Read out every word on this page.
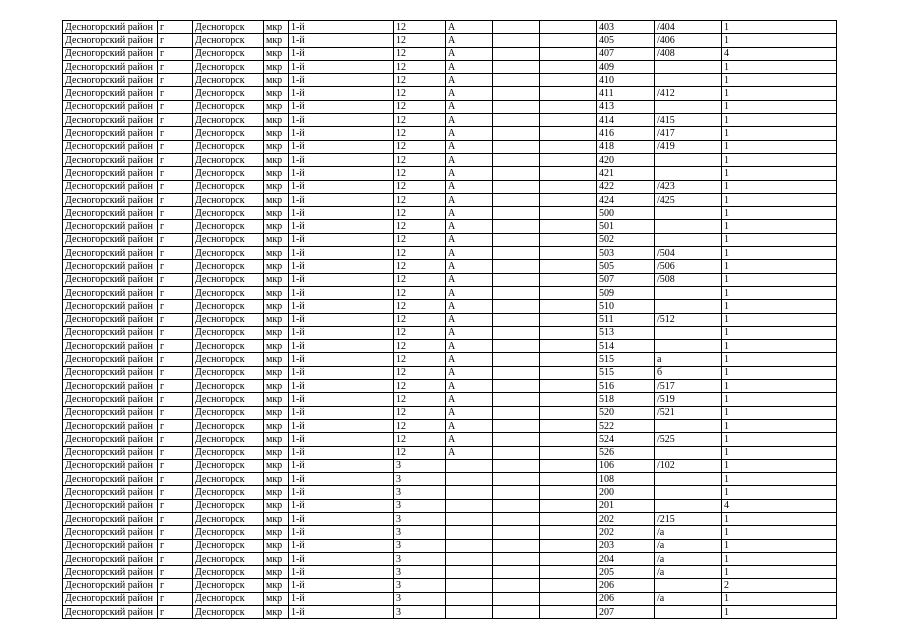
Десногорский район	г	Десногорск	мкр	1-й	12	А			403	/404	1
Десногорский район	г	Десногорск	мкр	1-й	12	А			405	/406	1
Десногорский район	г	Десногорск	мкр	1-й	12	А			407	/408	4
Десногорский район	г	Десногорск	мкр	1-й	12	А			409		1
Десногорский район	г	Десногорск	мкр	1-й	12	А			410		1
Десногорский район	г	Десногорск	мкр	1-й	12	А			411	/412	1
Десногорский район	г	Десногорск	мкр	1-й	12	А			413		1
Десногорский район	г	Десногорск	мкр	1-й	12	А			414	/415	1
Десногорский район	г	Десногорск	мкр	1-й	12	А			416	/417	1
Десногорский район	г	Десногорск	мкр	1-й	12	А			418	/419	1
Десногорский район	г	Десногорск	мкр	1-й	12	А			420		1
Десногорский район	г	Десногорск	мкр	1-й	12	А			421		1
Десногорский район	г	Десногорск	мкр	1-й	12	А			422	/423	1
Десногорский район	г	Десногорск	мкр	1-й	12	А			424	/425	1
Десногорский район	г	Десногорск	мкр	1-й	12	А			500		1
Десногорский район	г	Десногорск	мкр	1-й	12	А			501		1
Десногорский район	г	Десногорск	мкр	1-й	12	А			502		1
Десногорский район	г	Десногорск	мкр	1-й	12	А			503	/504	1
Десногорский район	г	Десногорск	мкр	1-й	12	А			505	/506	1
Десногорский район	г	Десногорск	мкр	1-й	12	А			507	/508	1
Десногорский район	г	Десногорск	мкр	1-й	12	А			509		1
Десногорский район	г	Десногорск	мкр	1-й	12	А			510		1
Десногорский район	г	Десногорск	мкр	1-й	12	А			511	/512	1
Десногорский район	г	Десногорск	мкр	1-й	12	А			513		1
Десногорский район	г	Десногорск	мкр	1-й	12	А			514		1
Десногорский район	г	Десногорск	мкр	1-й	12	А			515	а	1
Десногорский район	г	Десногорск	мкр	1-й	12	А			515	б	1
Десногорский район	г	Десногорск	мкр	1-й	12	А			516	/517	1
Десногорский район	г	Десногорск	мкр	1-й	12	А			518	/519	1
Десногорский район	г	Десногорск	мкр	1-й	12	А			520	/521	1
Десногорский район	г	Десногорск	мкр	1-й	12	А			522		1
Десногорский район	г	Десногорск	мкр	1-й	12	А			524	/525	1
Десногорский район	г	Десногорск	мкр	1-й	12	А			526		1
Десногорский район	г	Десногорск	мкр	1-й	3				106	/102	1
Десногорский район	г	Десногорск	мкр	1-й	3				108		1
Десногорский район	г	Десногорск	мкр	1-й	3				200		1
Десногорский район	г	Десногорск	мкр	1-й	3				201		4
Десногорский район	г	Десногорск	мкр	1-й	3				202	/215	1
Десногорский район	г	Десногорск	мкр	1-й	3				202	/а	1
Десногорский район	г	Десногорск	мкр	1-й	3				203	/а	1
Десногорский район	г	Десногорск	мкр	1-й	3				204	/а	1
Десногорский район	г	Десногорск	мкр	1-й	3				205	/а	1
Десногорский район	г	Десногорск	мкр	1-й	3				206		2
Десногорский район	г	Десногорск	мкр	1-й	3				206	/а	1
Десногорский район	г	Десногорск	мкр	1-й	3				207		1
